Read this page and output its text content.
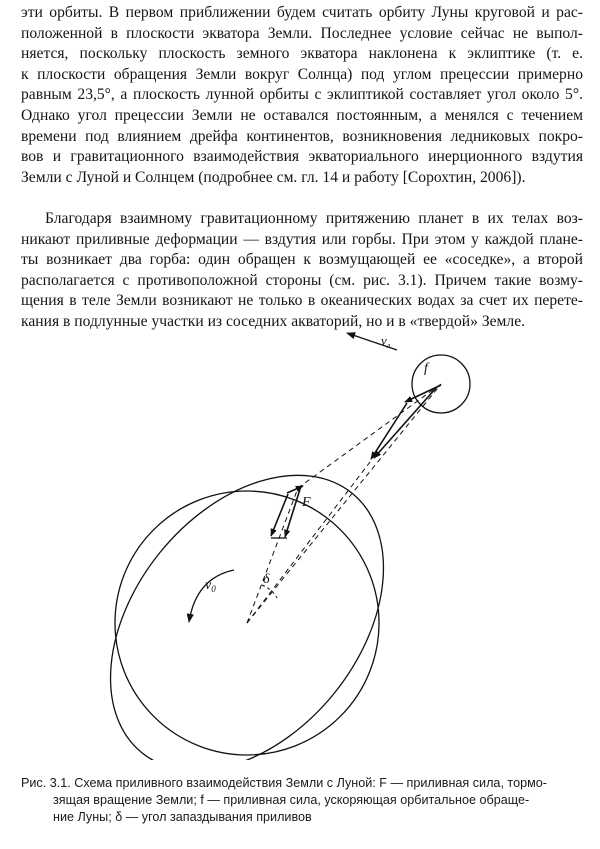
эти орбиты. В первом приближении будем считать орбиту Луны круговой и рас-
положенной в плоскости экватора Земли. Последнее условие сейчас не выпол-
няется, поскольку плоскость земного экватора наклонена к эклиптике (т. е.
к плоскости обращения Земли вокруг Солнца) под углом прецессии примерно
равным 23,5°, а плоскость лунной орбиты с эклиптикой составляет угол около 5°.
Однако угол прецессии Земли не оставался постоянным, а менялся с течением
времени под влиянием дрейфа континентов, возникновения ледниковых покро-
вов и гравитационного взаимодействия экваториального инерционного вздутия
Земли с Луной и Солнцем (подробнее см. гл. 14 и работу [Сорохтин, 2006]).
Благодаря взаимному гравитационному притяжению планет в их телах воз-
никают приливные деформации — вздутия или горбы. При этом у каждой плане-
ты возникает два горба: один обращен к возмущающей ее «соседке», а второй
располагается с противоположной стороны (см. рис. 3.1). Причем такие возму-
щения в теле Земли возникают не только в океанических водах за счет их перете-
кания в подлунные участки из соседних акваторий, но и в «твердой» Земле.
$v_л$
f
F
$v_0$
δ
Рис. 3.1. Схема приливного взаимодействия Земли с Луной: F — приливная сила, тормо-
зящая вращение Земли; f — приливная сила, ускоряющая орбитальное обраще-
ние Луны; δ — угол запаздывания приливов
